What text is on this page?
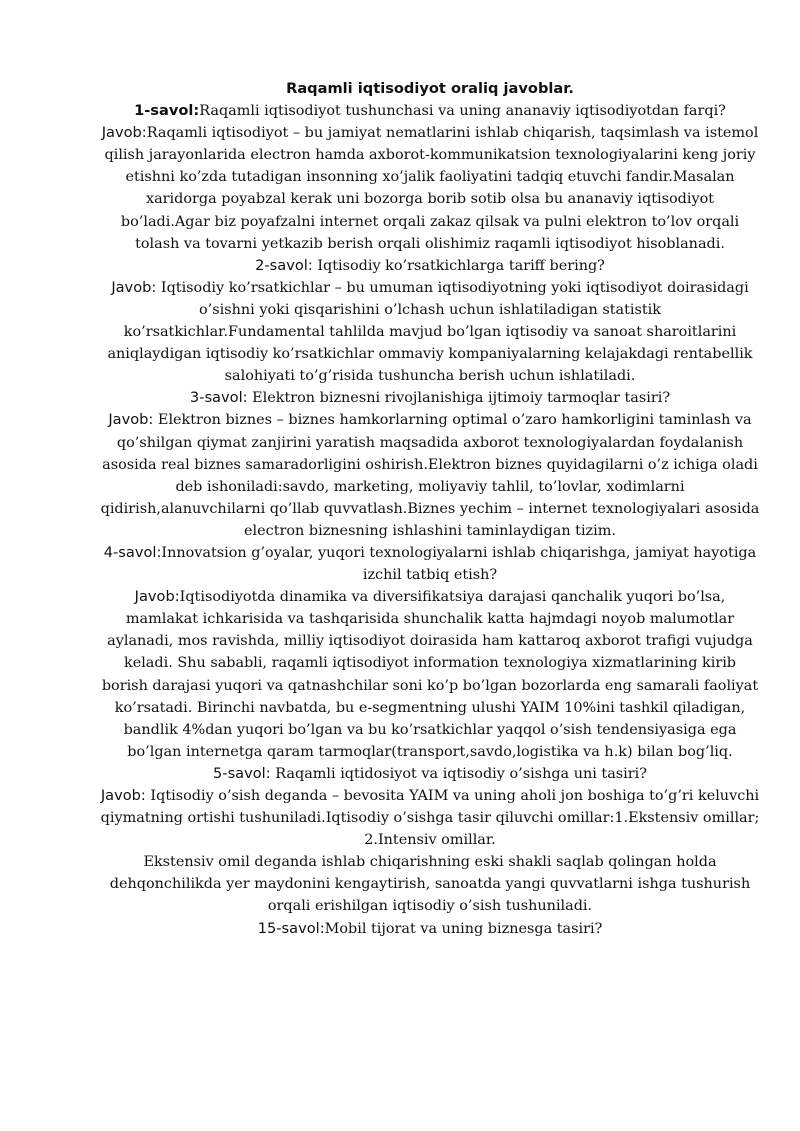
Raqamli iqtisodiyot oraliq javoblar.

1-savol:Raqamli iqtisodiyot tushunchasi va uning ananaviy iqtisodiyotdan farqi?

Javob:Raqamli iqtisodiyot – bu jamiyat nematlarini ishlab chiqarish, taqsimlash va istemol qilish jarayonlarida electron hamda axborot-kommunikatsion texnologiyalarini keng joriy etishni ko’zda tutadigan insonning xo’jalik faoliyatini tadqiq etuvchi fandir.Masalan xaridorga poyabzal kerak uni bozorga borib sotib olsa bu ananaviy iqtisodiyot bo’ladi.Agar biz poyafzalni internet orqali zakaz qilsak va pulni elektron to’lov orqali tolash va tovarni yetkazib berish orqali olishimiz raqamli iqtisodiyot hisoblanadi.

2-savol: Iqtisodiy ko’rsatkichlarga tariff bering?

Javob: Iqtisodiy ko’rsatkichlar – bu umuman iqtisodiyotning yoki iqtisodiyot doirasidagi o’sishni yoki qisqarishini o’lchash uchun ishlatiladigan statistik ko’rsatkichlar.Fundamental tahlilda mavjud bo’lgan iqtisodiy va sanoat sharoitlarini aniqlaydigan iqtisodiy ko’rsatkichlar ommaviy kompaniyalarning kelajakdagi rentabellik salohiyati to’g’risida tushuncha berish uchun ishlatiladi.

3-savol: Elektron biznesni rivojlanishiga ijtimoiy tarmoqlar tasiri?

Javob: Elektron biznes – biznes hamkorlarning optimal o’zaro hamkorligini taminlash va qo’shilgan qiymat zanjirini yaratish maqsadida axborot texnologiyalardan foydalanish asosida real biznes samaradorligini oshirish.Elektron biznes quyidagilarni o’z ichiga oladi deb ishoniladi:savdo, marketing, moliyaviy tahlil, to’lovlar, xodimlarni qidirish,alanuvchilarni qo’llab quvvatlash.Biznes yechim – internet texnologiyalari asosida electron biznesning ishlashini taminlaydigan tizim.

4-savol:Innovatsion g’oyalar, yuqori texnologiyalarni ishlab chiqarishga, jamiyat hayotiga izchil tatbiq etish?

Javob:Iqtisodiyotda dinamika va diversifikatsiya darajasi qanchalik yuqori bo’lsa, mamlakat ichkarisida va tashqarisida shunchalik katta hajmdagi noyob malumotlar aylanadi, mos ravishda, milliy iqtisodiyot doirasida ham kattaroq axborot trafigi vujudga keladi. Shu sababli, raqamli iqtisodiyot information texnologiya xizmatlarining kirib borish darajasi yuqori va qatnashchilar soni ko’p bo’lgan bozorlarda eng samarali faoliyat ko’rsatadi. Birinchi navbatda, bu e-segmentning ulushi YAIM 10%ini tashkil qiladigan, bandlik 4%dan yuqori bo’lgan va bu ko’rsatkichlar yaqqol o’sish tendensiyasiga ega bo’lgan internetga qaram tarmoqlar(transport,savdo,logistika va h.k) bilan bog’liq.

5-savol: Raqamli iqtidosiyot va iqtisodiy o’sishga uni tasiri?

Javob: Iqtisodiy o’sish deganda – bevosita YAIM va uning aholi jon boshiga to’g’ri keluvchi qiymatning ortishi tushuniladi.Iqtisodiy o’sishga tasir qiluvchi omillar:1.Ekstensiv omillar;

2.Intensiv omillar.

Ekstensiv omil deganda ishlab chiqarishning eski shakli saqlab qolingan holda dehqonchilikda yer maydonini kengaytirish, sanoatda yangi quvvatlarni ishga tushurish orqali erishilgan iqtisodiy o’sish tushuniladi.

15-savol:Mobil tijorat va uning biznesga tasiri?
